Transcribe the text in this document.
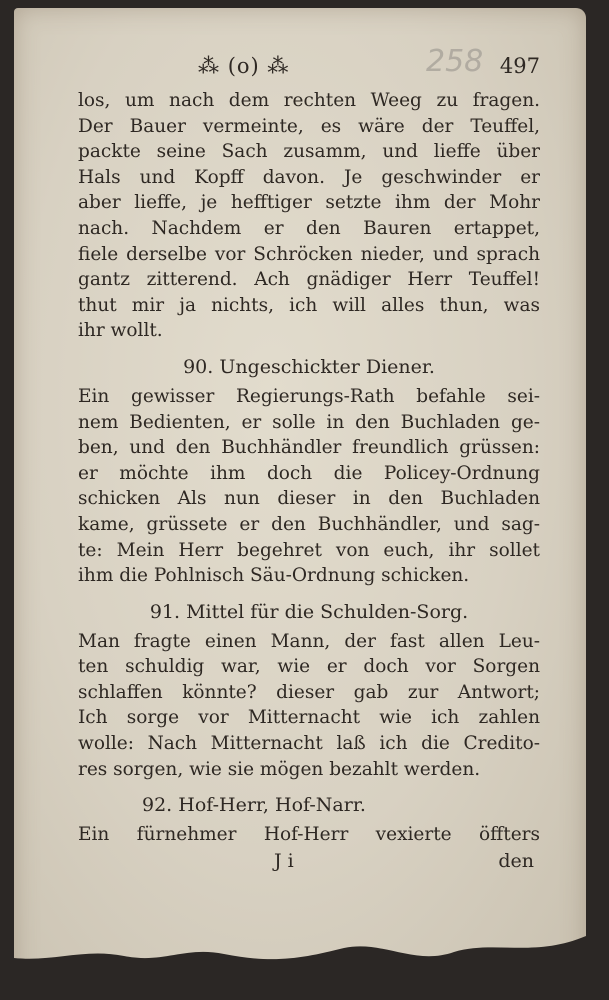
⁂ (o) ⁂	258 497
los, um nach dem rechten Weeg zu fragen.
Der Bauer vermeinte, es wäre der Teuffel,
packte seine Sach zusamm, und lieffe über
Hals und Kopff davon. Je geschwinder er
aber lieffe, je hefftiger setzte ihm der Mohr
nach. Nachdem er den Bauren ertappet,
fiele derselbe vor Schröcken nieder, und sprach
gantz zitterend. Ach gnädiger Herr Teuffel!
thut mir ja nichts, ich will alles thun, was
ihr wollt.
90. Ungeschickter Diener.
Ein gewisser Regierungs-Rath befahle sei-
nem Bedienten, er solle in den Buchladen ge-
ben, und den Buchhändler freundlich grüssen:
er möchte ihm doch die Policey-Ordnung
schicken Als nun dieser in den Buchladen
kame, grüssete er den Buchhändler, und sag-
te: Mein Herr begehret von euch, ihr sollet
ihm die Pohlnisch Säu-Ordnung schicken.
91. Mittel für die Schulden-Sorg.
Man fragte einen Mann, der fast allen Leu-
ten schuldig war, wie er doch vor Sorgen
schlaffen könnte? dieser gab zur Antwort;
Ich sorge vor Mitternacht wie ich zahlen
wolle: Nach Mitternacht laß ich die Credito-
res sorgen, wie sie mögen bezahlt werden.
92. Hof-Herr, Hof-Narr.
Ein fürnehmer Hof-Herr vexierte öffters
Ji	den
